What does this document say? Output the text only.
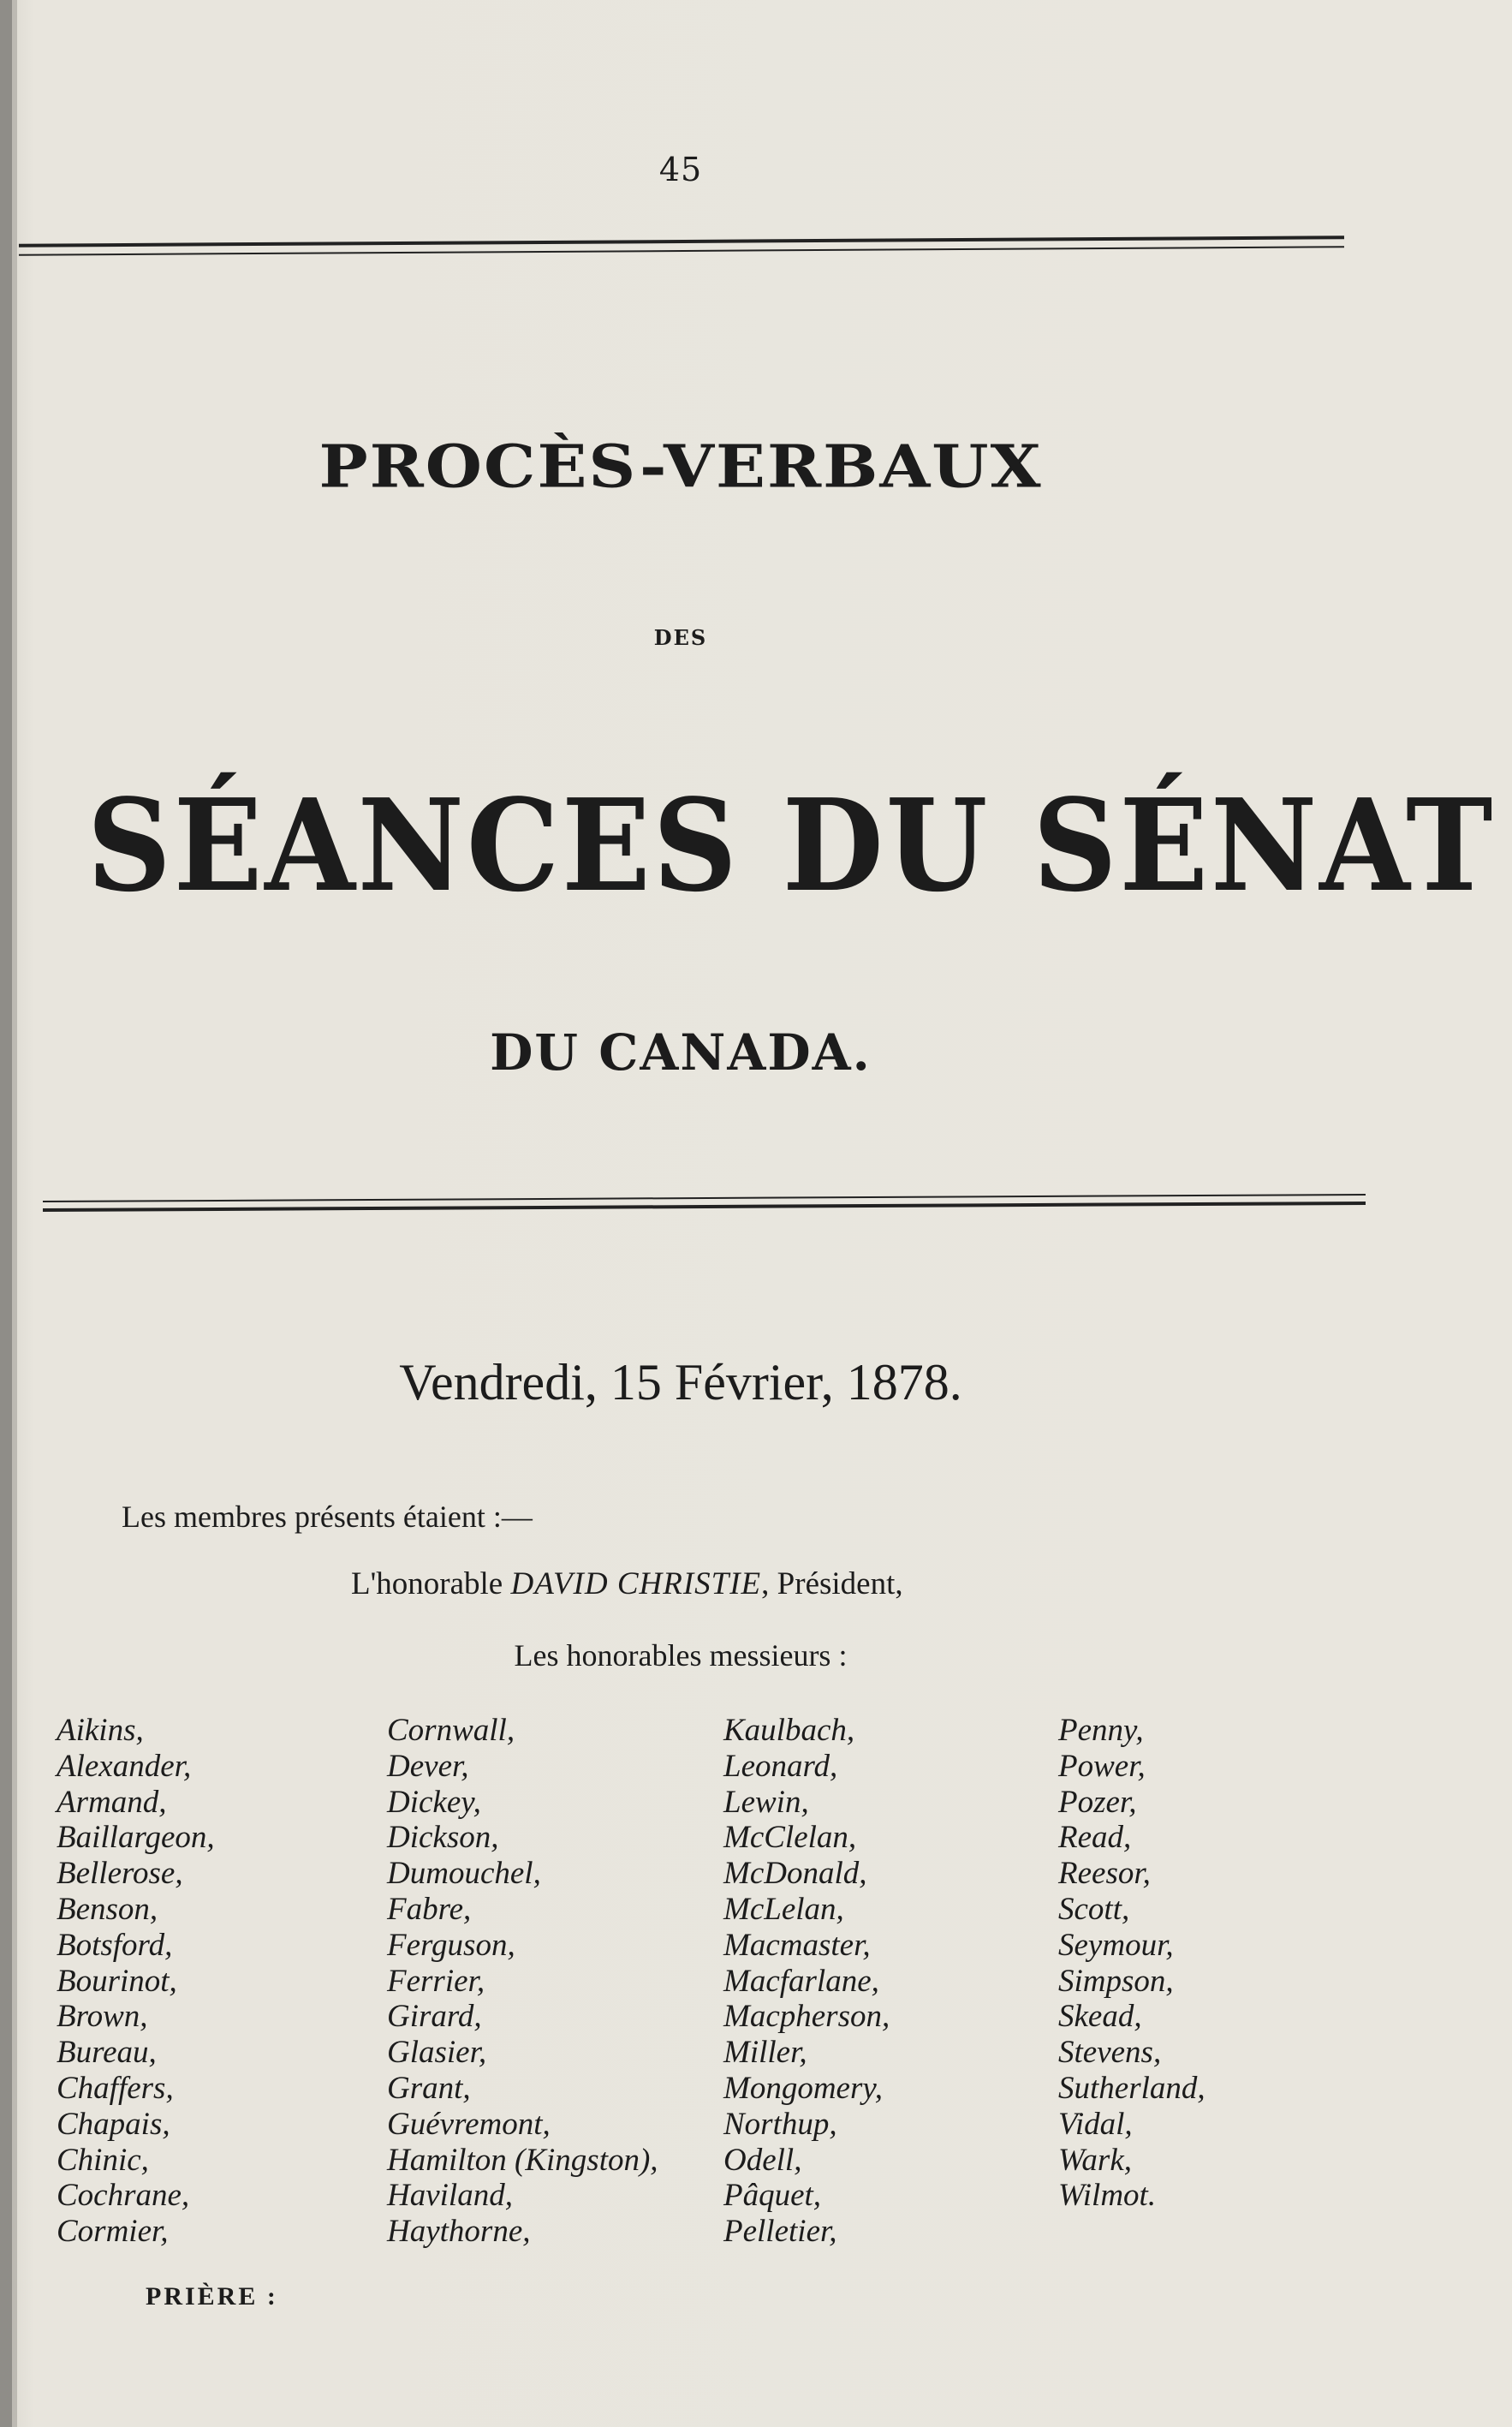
45
PROCÈS-VERBAUX
DES
SÉANCES DU SÉNAT
DU CANADA.
Vendredi, 15 Février, 1878.
Les membres présents étaient :—
L'honorable DAVID CHRISTIE, Président,
Les honorables messieurs :
Aikins,
Alexander,
Armand,
Baillargeon,
Bellerose,
Benson,
Botsford,
Bourinot,
Brown,
Bureau,
Chaffers,
Chapais,
Chinic,
Cochrane,
Cormier,
Cornwall,
Dever,
Dickey,
Dickson,
Dumouchel,
Fabre,
Ferguson,
Ferrier,
Girard,
Glasier,
Grant,
Guévremont,
Hamilton (Kingston),
Haviland,
Haythorne,
Kaulbach,
Leonard,
Lewin,
McClelan,
McDonald,
McLelan,
Macmaster,
Macfarlane,
Macpherson,
Miller,
Mongomery,
Northup,
Odell,
Pâquet,
Pelletier,
Penny,
Power,
Pozer,
Read,
Reesor,
Scott,
Seymour,
Simpson,
Skead,
Stevens,
Sutherland,
Vidal,
Wark,
Wilmot.
PRIÈRE :
